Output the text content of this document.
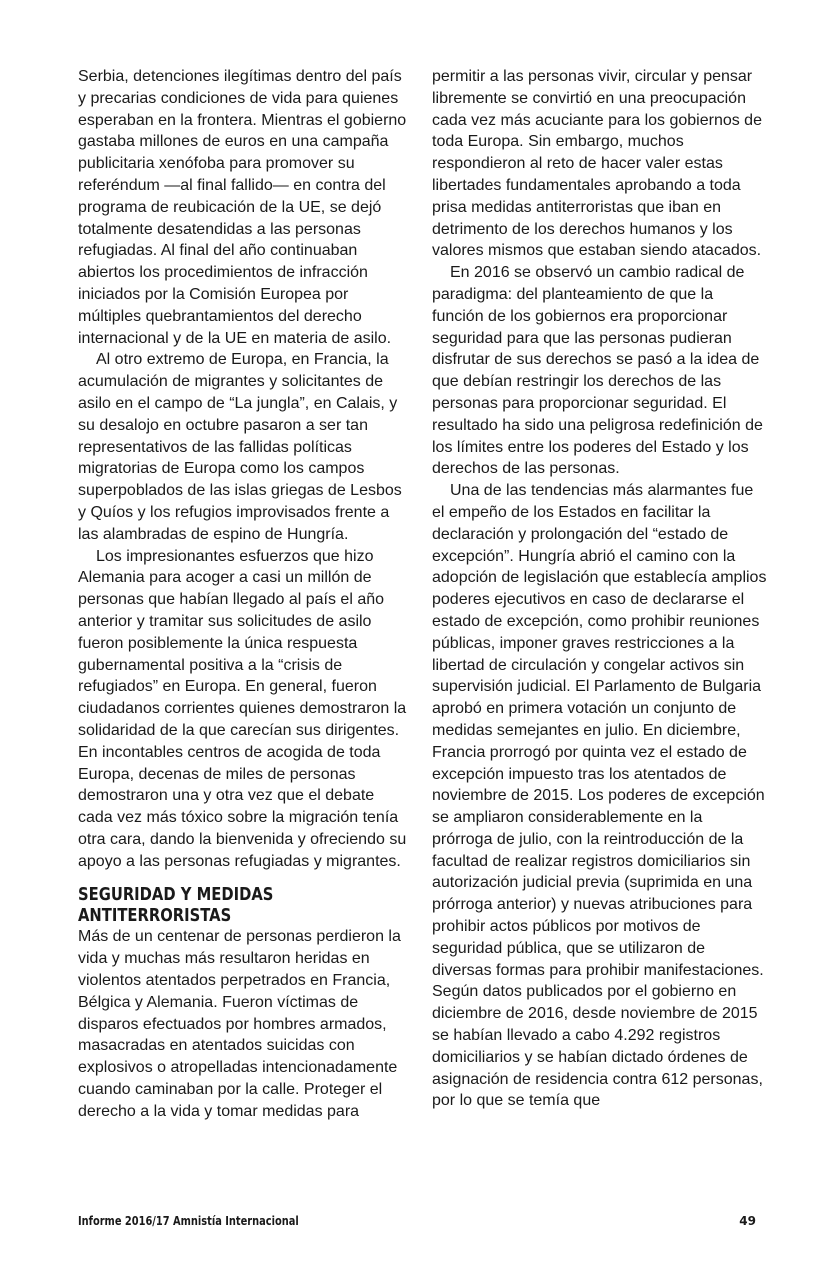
Serbia, detenciones ilegítimas dentro del país y precarias condiciones de vida para quienes esperaban en la frontera. Mientras el gobierno gastaba millones de euros en una campaña publicitaria xenófoba para promover su referéndum —al final fallido— en contra del programa de reubicación de la UE, se dejó totalmente desatendidas a las personas refugiadas. Al final del año continuaban abiertos los procedimientos de infracción iniciados por la Comisión Europea por múltiples quebrantamientos del derecho internacional y de la UE en materia de asilo.

Al otro extremo de Europa, en Francia, la acumulación de migrantes y solicitantes de asilo en el campo de “La jungla”, en Calais, y su desalojo en octubre pasaron a ser tan representativos de las fallidas políticas migratorias de Europa como los campos superpoblados de las islas griegas de Lesbos y Quíos y los refugios improvisados frente a las alambradas de espino de Hungría.

Los impresionantes esfuerzos que hizo Alemania para acoger a casi un millón de personas que habían llegado al país el año anterior y tramitar sus solicitudes de asilo fueron posiblemente la única respuesta gubernamental positiva a la “crisis de refugiados” en Europa. En general, fueron ciudadanos corrientes quienes demostraron la solidaridad de la que carecían sus dirigentes. En incontables centros de acogida de toda Europa, decenas de miles de personas demostraron una y otra vez que el debate cada vez más tóxico sobre la migración tenía otra cara, dando la bienvenida y ofreciendo su apoyo a las personas refugiadas y migrantes.

SEGURIDAD Y MEDIDAS ANTITERRORISTAS

Más de un centenar de personas perdieron la vida y muchas más resultaron heridas en violentos atentados perpetrados en Francia, Bélgica y Alemania. Fueron víctimas de disparos efectuados por hombres armados, masacradas en atentados suicidas con explosivos o atropelladas intencionadamente cuando caminaban por la calle. Proteger el derecho a la vida y tomar medidas para

permitir a las personas vivir, circular y pensar libremente se convirtió en una preocupación cada vez más acuciante para los gobiernos de toda Europa. Sin embargo, muchos respondieron al reto de hacer valer estas libertades fundamentales aprobando a toda prisa medidas antiterroristas que iban en detrimento de los derechos humanos y los valores mismos que estaban siendo atacados.

En 2016 se observó un cambio radical de paradigma: del planteamiento de que la función de los gobiernos era proporcionar seguridad para que las personas pudieran disfrutar de sus derechos se pasó a la idea de que debían restringir los derechos de las personas para proporcionar seguridad. El resultado ha sido una peligrosa redefinición de los límites entre los poderes del Estado y los derechos de las personas.

Una de las tendencias más alarmantes fue el empeño de los Estados en facilitar la declaración y prolongación del “estado de excepción”. Hungría abrió el camino con la adopción de legislación que establecía amplios poderes ejecutivos en caso de declararse el estado de excepción, como prohibir reuniones públicas, imponer graves restricciones a la libertad de circulación y congelar activos sin supervisión judicial. El Parlamento de Bulgaria aprobó en primera votación un conjunto de medidas semejantes en julio. En diciembre, Francia prorrogó por quinta vez el estado de excepción impuesto tras los atentados de noviembre de 2015. Los poderes de excepción se ampliaron considerablemente en la prórroga de julio, con la reintroducción de la facultad de realizar registros domiciliarios sin autorización judicial previa (suprimida en una prórroga anterior) y nuevas atribuciones para prohibir actos públicos por motivos de seguridad pública, que se utilizaron de diversas formas para prohibir manifestaciones. Según datos publicados por el gobierno en diciembre de 2016, desde noviembre de 2015 se habían llevado a cabo 4.292 registros domiciliarios y se habían dictado órdenes de asignación de residencia contra 612 personas, por lo que se temía que

Informe 2016/17 Amnistía Internacional	49
